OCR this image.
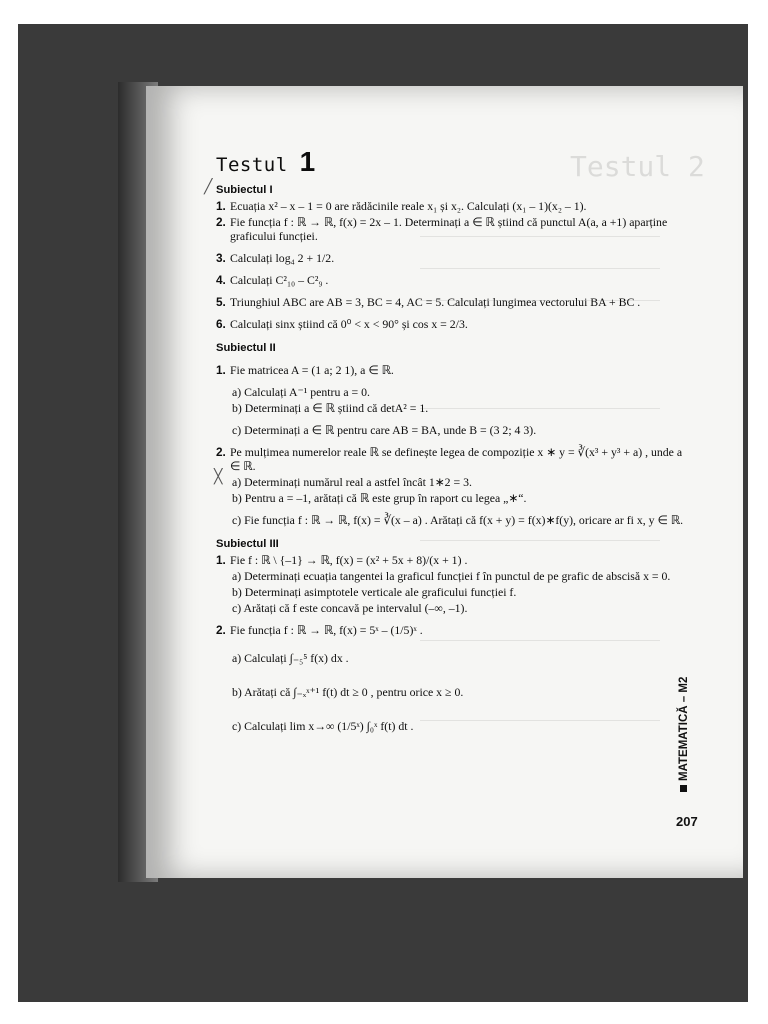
Testul 2
Testul 1
Subiectul I
1. Ecuația x² – x – 1 = 0 are rădăcinile reale x₁ și x₂. Calculați (x₁ – 1)(x₂ – 1).
2. Fie funcția f : ℝ → ℝ, f(x) = 2x – 1. Determinați a ∈ ℝ știind că punctul A(a, a +1) aparține graficului funcției.
3. Calculați log₄ 2 + 1/2.
4. Calculați C²₁₀ – C²₉ .
5. Triunghiul ABC are AB = 3, BC = 4, AC = 5. Calculați lungimea vectorului BA + BC .
6. Calculați sinx știind că 0⁰ < x < 90° și cos x = 2/3.
Subiectul II
1. Fie matricea A = (1 a; 2 1), a ∈ ℝ.
a) Calculați A⁻¹ pentru a = 0.
b) Determinați a ∈ ℝ știind că detA² = 1.
c) Determinați a ∈ ℝ pentru care AB = BA, unde B = (3 2; 4 3).
2. Pe mulțimea numerelor reale ℝ se definește legea de compoziție x ∗ y = ∛(x³ + y³ + a) , unde a ∈ ℝ.
a) Determinați numărul real a astfel încât 1∗2 = 3.
b) Pentru a = –1, arătați că ℝ este grup în raport cu legea „∗“.
c) Fie funcția f : ℝ → ℝ, f(x) = ∛(x – a) . Arătați că f(x + y) = f(x)∗f(y), oricare ar fi x, y ∈ ℝ.
Subiectul III
1. Fie f : ℝ \ {–1} → ℝ, f(x) = (x² + 5x + 8)/(x + 1) .
a) Determinați ecuația tangentei la graficul funcției f în punctul de pe grafic de abscisă x = 0.
b) Determinați asimptotele verticale ale graficului funcției f.
c) Arătați că f este concavă pe intervalul (–∞, –1).
2. Fie funcția f : ℝ → ℝ, f(x) = 5ˣ – (1/5)ˣ .
a) Calculați ∫₋₅⁵ f(x) dx .
b) Arătați că ∫₋ₓˣ⁺¹ f(t) dt ≥ 0 , pentru orice x ≥ 0.
c) Calculați lim x→∞ (1/5ˣ) ∫₀ˣ f(t) dt .
╱
╳
MATEMATICĂ – M2
207
